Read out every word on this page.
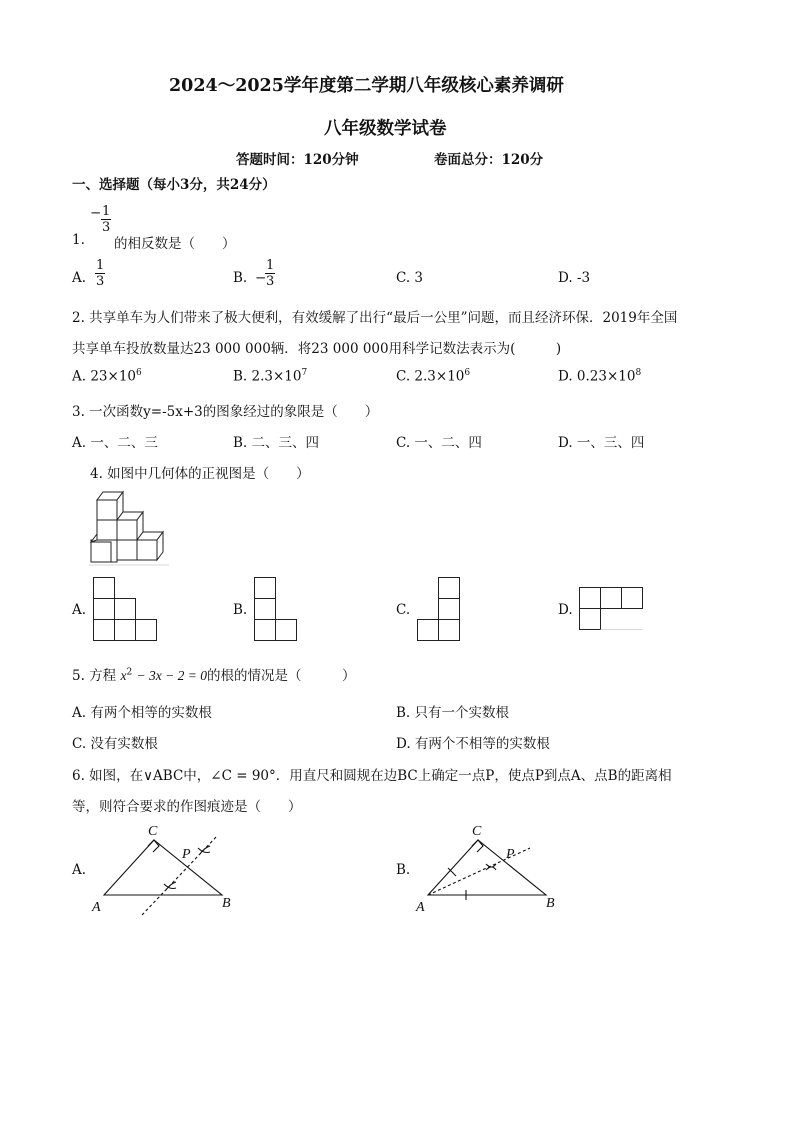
2024～2025学年度第二学期八年级核心素养调研
八年级数学试卷
答题时间：120分钟	卷面总分：120分
一、选择题（每小3分，共24分）
1.
− $\frac{1}{3}$
的相反数是（　　）
A. $\frac{1}{3}$	B. −
$\frac{1}{3}$	C. 3	D. -3
2. 共享单车为人们带来了极大便利，有效缓解了出行“最后一公里”问题，而且经济环保．2019年全国
共享单车投放数量达23 000 000辆．将23 000 000用科学记数法表示为(　　　)
A. $23\times 10^6$	B. $2.3\times 10^7$	C. $2.3\times 10^6$	D. $0.23\times 10^8$
3. 一次函数y=-5x+3的图象经过的象限是（　　）
A. 一、二、三	B. 二、三、四	C. 一、二、四	D. 一、三、四
4. 如图中几何体的正视图是（　　）
A.	B.	C.	D.
5. 方程 $x^2 - 3x - 2 = 0$的根的情况是（　　　）
A. 有两个相等的实数根	B. 只有一个实数根
C. 没有实数根	D. 有两个不相等的实数根
6. 如图，在∨ABC中，∠C = 90°．用直尺和圆规在边BC上确定一点P，使点P到点A、点B的距离相
等，则符合要求的作图痕迹是（　　）
A.
C
P
A	B
B.
C
P
A	B
